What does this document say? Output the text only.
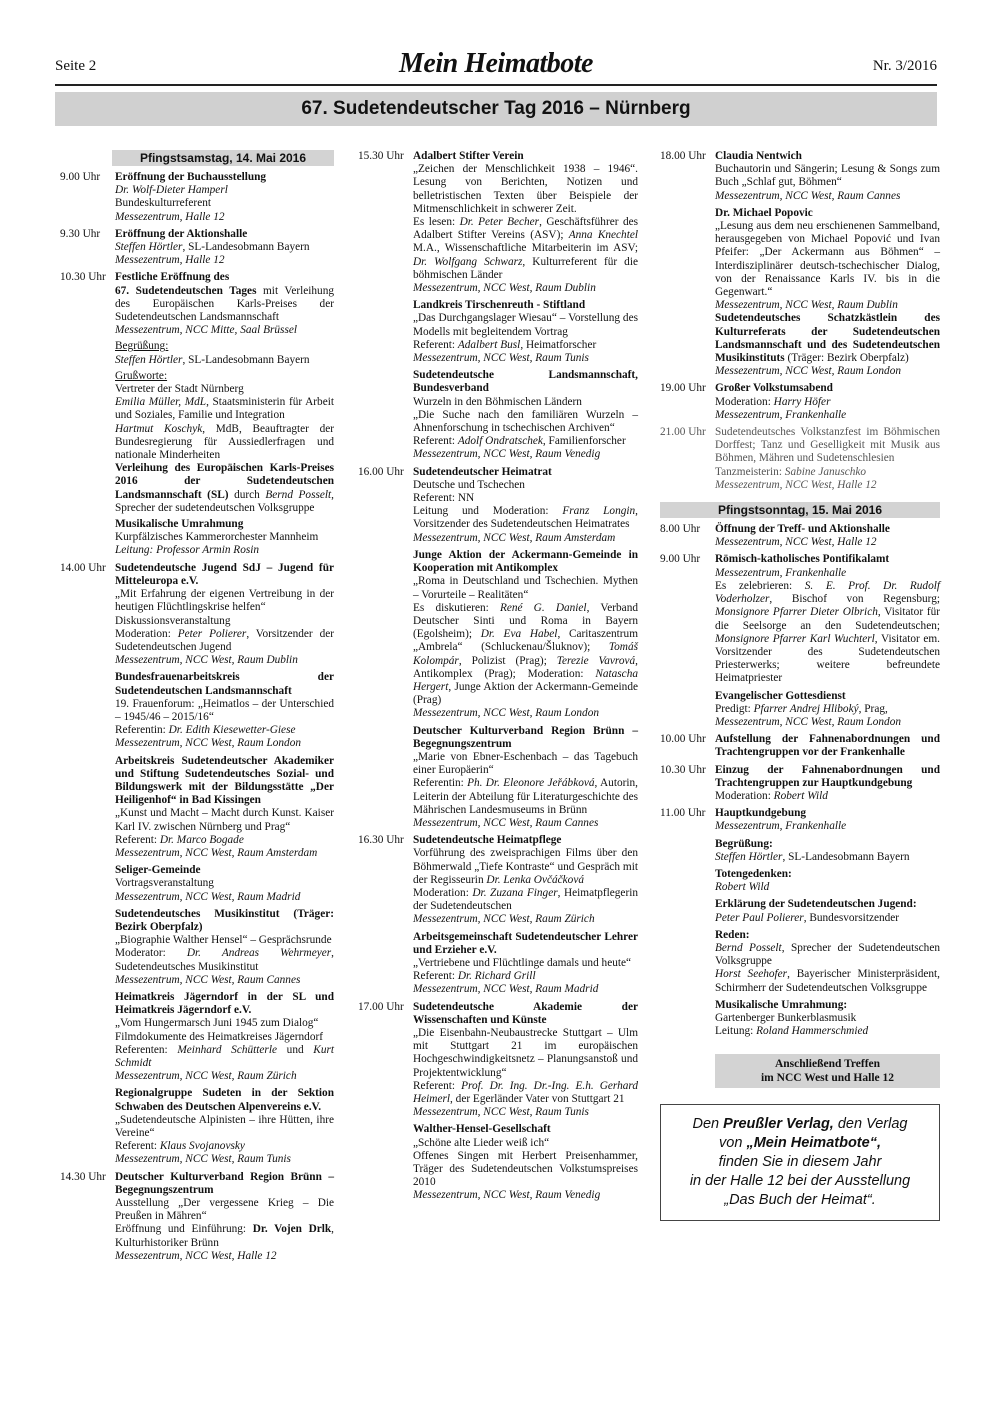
Seite 2	Mein Heimatbote	Nr. 3/2016
67. Sudetendeutscher Tag 2016 – Nürnberg
Pfingstsamstag, 14. Mai 2016
9.00 Uhr	Eröffnung der Buchausstellung
Dr. Wolf-Dieter Hamperl
Bundeskulturreferent
Messezentrum, Halle 12
9.30 Uhr	Eröffnung der Aktionshalle
Steffen Hörtler, SL-Landesobmann Bayern
Messezentrum, Halle 12
10.30 Uhr Festliche Eröffnung des
67. Sudetendeutschen Tages mit Verleihung des Europäischen Karls-Preises der Sudetendeutschen Landsmannschaft
Messezentrum, NCC Mitte, Saal Brüssel
Begrüßung:
Steffen Hörtler, SL-Landesobmann Bayern
Grußworte:
Vertreter der Stadt Nürnberg
Emilia Müller, MdL, Staatsministerin für Arbeit und Soziales, Familie und Integration
Hartmut Koschyk, MdB, Beauftragter der Bundesregierung für Aussiedlerfragen und nationale Minderheiten
Verleihung des Europäischen Karls-Preises 2016 der Sudetendeutschen Landsmannschaft (SL) durch Bernd Posselt, Sprecher der sudetendeutschen Volksgruppe
Musikalische Umrahmung
Kurpfälzisches Kammerorchester Mannheim
Leitung: Professor Armin Rosin
14.00 Uhr Sudetendeutsche Jugend SdJ – Jugend für Mitteleuropa e.V.
„Mit Erfahrung der eigenen Vertreibung in der heutigen Flüchtlingskrise helfen“
Diskussionsveranstaltung
Moderation: Peter Polierer, Vorsitzender der Sudetendeutschen Jugend
Messezentrum, NCC West, Raum Dublin
Bundesfrauenarbeitskreis der Sudetendeutschen Landsmannschaft
19. Frauenforum: „Heimatlos – der Unterschied – 1945/46 – 2015/16“
Referentin: Dr. Edith Kiesewetter-Giese
Messezentrum, NCC West, Raum London
Arbeitskreis Sudetendeutscher Akademiker und Stiftung Sudetendeutsches Sozial- und Bildungswerk mit der Bildungsstätte „Der Heiligenhof“ in Bad Kissingen
„Kunst und Macht – Macht durch Kunst. Kaiser Karl IV. zwischen Nürnberg und Prag“
Referent: Dr. Marco Bogade
Messezentrum, NCC West, Raum Amsterdam
Seliger-Gemeinde
Vortragsveranstaltung
Messezentrum, NCC West, Raum Madrid
Sudetendeutsches Musikinstitut (Träger: Bezirk Oberpfalz)
„Biographie Walther Hensel“ – Gesprächsrunde
Moderator: Dr. Andreas Wehrmeyer, Sudetendeutsches Musikinstitut
Messezentrum, NCC West, Raum Cannes
Heimatkreis Jägerndorf in der SL und Heimatkreis Jägerndorf e.V.
„Vom Hungermarsch Juni 1945 zum Dialog“
Filmdokumente des Heimatkreises Jägerndorf
Referenten: Meinhard Schütterle und Kurt Schmidt
Messezentrum, NCC West, Raum Zürich
Regionalgruppe Sudeten in der Sektion Schwaben des Deutschen Alpenvereins e.V.
„Sudetendeutsche Alpinisten – ihre Hütten, ihre Vereine“
Referent: Klaus Svojanovsky
Messezentrum, NCC West, Raum Tunis
14.30 Uhr Deutscher Kulturverband Region Brünn – Begegnungszentrum
Ausstellung „Der vergessene Krieg – Die Preußen in Mähren“
Eröffnung und Einführung: Dr. Vojen Drlk, Kulturhistoriker Brünn
Messezentrum, NCC West, Halle 12
15.30 Uhr Adalbert Stifter Verein
„Zeichen der Menschlichkeit 1938 – 1946“. Lesung von Berichten, Notizen und belletristischen Texten über Beispiele der Mitmenschlichkeit in schwerer Zeit.
Es lesen: Dr. Peter Becher, Geschäftsführer des Adalbert Stifter Vereins (ASV); Anna Knechtel M.A., Wissenschaftliche Mitarbeiterin im ASV; Dr. Wolfgang Schwarz, Kulturreferent für die böhmischen Länder
Messezentrum, NCC West, Raum Dublin
Landkreis Tirschenreuth - Stiftland
„Das Durchgangslager Wiesau“ – Vorstellung des Modells mit begleitendem Vortrag
Referent: Adalbert Busl, Heimatforscher
Messezentrum, NCC West, Raum Tunis
Sudetendeutsche Landsmannschaft, Bundesverband
Wurzeln in den Böhmischen Ländern
„Die Suche nach den familiären Wurzeln – Ahnenforschung in tschechischen Archiven“
Referent: Adolf Ondratschek, Familienforscher
Messezentrum, NCC West, Raum Venedig
16.00 Uhr Sudetendeutscher Heimatrat
Deutsche und Tschechen
Referent: NN
Leitung und Moderation: Franz Longin, Vorsitzender des Sudetendeutschen Heimatrates
Messezentrum, NCC West, Raum Amsterdam
Junge Aktion der Ackermann-Gemeinde in Kooperation mit Antikomplex
„Roma in Deutschland und Tschechien. Mythen – Vorurteile – Realitäten“
Es diskutieren: René G. Daniel, Verband Deutscher Sinti und Roma in Bayern (Egolsheim); Dr. Eva Habel, Caritaszentrum „Ambrela“ (Schluckenau/Šluknov); Tomáš Kolompár, Polizist (Prag); Terezie Vavrová, Antikomplex (Prag); Moderation: Natascha Hergert, Junge Aktion der Ackermann-Gemeinde (Prag)
Messezentrum, NCC West, Raum London
Deutscher Kulturverband Region Brünn – Begegnungszentrum
„Marie von Ebner-Eschenbach – das Tagebuch einer Europäerin“
Referentin: Ph. Dr. Eleonore Jeřábková, Autorin, Leiterin der Abteilung für Literaturgeschichte des Mährischen Landesmuseums in Brünn
Messezentrum, NCC West, Raum Cannes
16.30 Uhr Sudetendeutsche Heimatpflege
Vorführung des zweisprachigen Films über den Böhmerwald „Tiefe Kontraste“ und Gespräch mit der Regisseurin Dr. Lenka Ovčáčková
Moderation: Dr. Zuzana Finger, Heimatpflegerin der Sudetendeutschen
Messezentrum, NCC West, Raum Zürich
Arbeitsgemeinschaft Sudetendeutscher Lehrer und Erzieher e.V.
„Vertriebene und Flüchtlinge damals und heute“
Referent: Dr. Richard Grill
Messezentrum, NCC West, Raum Madrid
17.00 Uhr Sudetendeutsche Akademie der Wissenschaften und Künste
„Die Eisenbahn-Neubaustrecke Stuttgart – Ulm mit Stuttgart 21 im europäischen Hochgeschwindigkeitsnetz – Planungsanstoß und Projektentwicklung“
Referent: Prof. Dr. Ing. Dr.-Ing. E.h. Gerhard Heimerl, der Egerländer Vater von Stuttgart 21
Messezentrum, NCC West, Raum Tunis
Walther-Hensel-Gesellschaft
„Schöne alte Lieder weiß ich“
Offenes Singen mit Herbert Preisenhammer, Träger des Sudetendeutschen Volkstumspreises 2010
Messezentrum, NCC West, Raum Venedig
18.00 Uhr Claudia Nentwich
Buchautorin und Sängerin; Lesung & Songs zum Buch „Schlaf gut, Böhmen“
Messezentrum, NCC West, Raum Cannes
Dr. Michael Popovic
„Lesung aus dem neu erschienenen Sammelband, herausgegeben von Michael Popović und Ivan Pfeifer: „Der Ackermann aus Böhmen“ – Interdisziplinärer deutsch-tschechischer Dialog, von der Renaissance Karls IV. bis in die Gegenwart.“
Messezentrum, NCC West, Raum Dublin
Sudetendeutsches Schatzkästlein des Kulturreferats der Sudetendeutschen Landsmannschaft und des Sudetendeutschen Musikinstituts (Träger: Bezirk Oberpfalz)
Messezentrum, NCC West, Raum London
19.00 Uhr Großer Volkstumsabend
Moderation: Harry Höfer
Messezentrum, Frankenhalle
21.00 Uhr Sudetendeutsches Volkstanzfest im Böhmischen Dorffest; Tanz und Geselligkeit mit Musik aus Böhmen, Mähren und Sudetenschlesien
Tanzmeisterin: Sabine Januschko
Messezentrum, NCC West, Halle 12
Pfingstsonntag, 15. Mai 2016
8.00 Uhr	Öffnung der Treff- und Aktionshalle
Messezentrum, NCC West, Halle 12
9.00 Uhr	Römisch-katholisches Pontifikalamt
Messezentrum, Frankenhalle
Es zelebrieren: S. E. Prof. Dr. Rudolf Voderholzer, Bischof von Regensburg; Monsignore Pfarrer Dieter Olbrich, Visitator für die Seelsorge an den Sudetendeutschen; Monsignore Pfarrer Karl Wuchterl, Visitator em. Vorsitzender des Sudetendeutschen Priesterwerks; weitere befreundete Heimatpriester
Evangelischer Gottesdienst
Predigt: Pfarrer Andrej Hliboký, Prag,
Messezentrum, NCC West, Raum London
10.00 Uhr Aufstellung der Fahnenabordnungen und Trachtengruppen vor der Frankenhalle
10.30 Uhr Einzug der Fahnenabordnungen und Trachtengruppen zur Hauptkundgebung
Moderation: Robert Wild
11.00 Uhr Hauptkundgebung
Messezentrum, Frankenhalle
Begrüßung:
Steffen Hörtler, SL-Landesobmann Bayern
Totengedenken:
Robert Wild
Erklärung der Sudetendeutschen Jugend:
Peter Paul Polierer, Bundesvorsitzender
Reden:
Bernd Posselt, Sprecher der Sudetendeutschen Volksgruppe
Horst Seehofer, Bayerischer Ministerpräsident, Schirmherr der Sudetendeutschen Volksgruppe
Musikalische Umrahmung:
Gartenberger Bunkerblasmusik
Leitung: Roland Hammerschmied
Anschließend Treffen
im NCC West und Halle 12
Den Preußler Verlag, den Verlag
von „Mein Heimatbote“,
finden Sie in diesem Jahr
in der Halle 12 bei der Ausstellung
„Das Buch der Heimat“.
